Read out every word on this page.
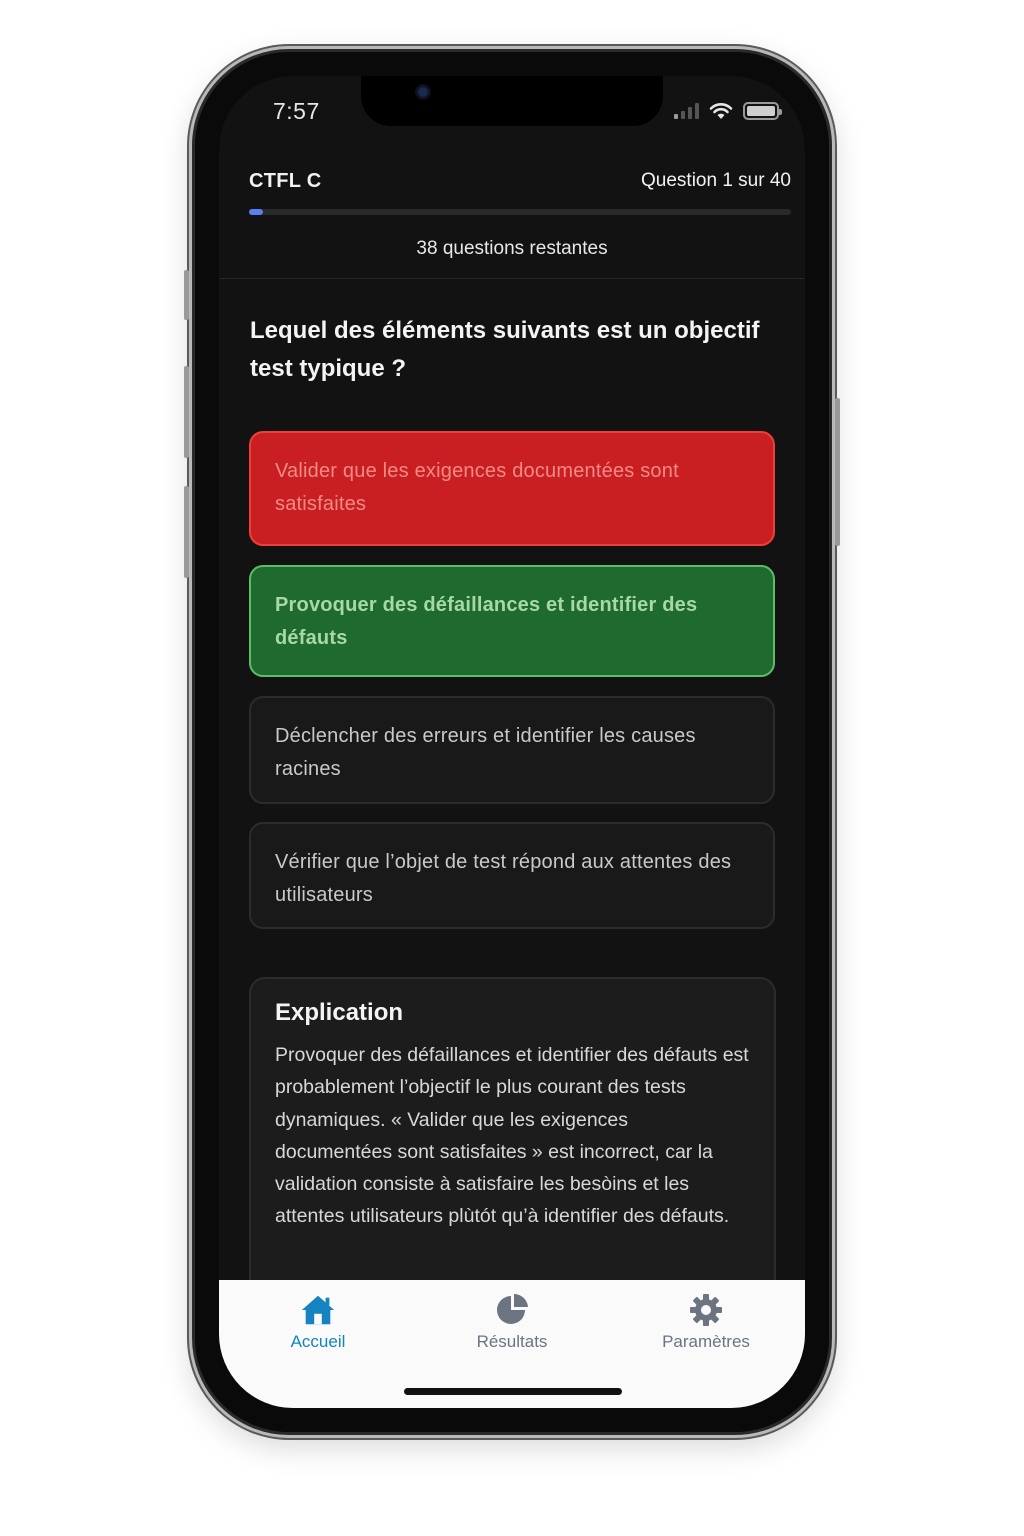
7:57
CTFL C	Question 1 sur 40
38 questions restantes
Lequel des éléments suivants est un objectif test typique ?
Valider que les exigences documentées sont satisfaites
Provoquer des défaillances et identifier des défauts
Déclencher des erreurs et identifier les causes racines
Vérifier que l’objet de test répond aux attentes des utilisateurs
Explication
Provoquer des défaillances et identifier des défauts est probablement l’objectif le plus courant des tests dynamiques. « Valider que les exigences documentées sont satisfaites » est incorrect, car la validation consiste à satisfaire les besòins et les attentes utilisateurs plùtót qu’à identifier des défauts.
Accueil	Résultats	Paramètres
